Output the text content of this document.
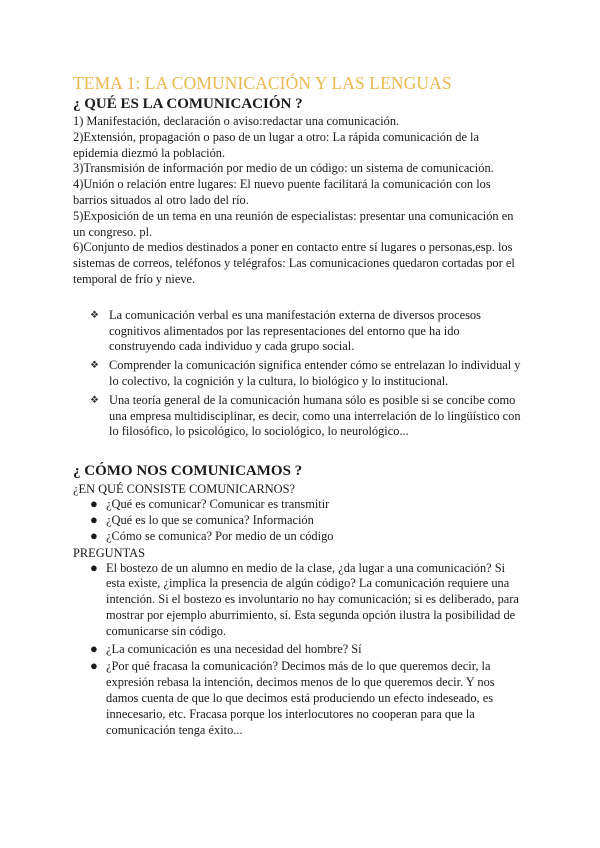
TEMA 1: LA COMUNICACIÓN Y LAS LENGUAS
¿ QUÉ ES LA COMUNICACIÓN ?

1) Manifestación, declaración o aviso:redactar una comunicación.

2)Extensión, propagación o paso de un lugar a otro: La rápida comunicación de la epidemia diezmó la población.

3)Transmisión de información por medio de un código: un sistema de comunicación.

4)Unión o relación entre lugares: El nuevo puente facilitará la comunicación con los barrios situados al otro lado del río.

5)Exposición de un tema en una reunión de especialistas: presentar una comunicación en un congreso. pl.

6)Conjunto de medios destinados a poner en contacto entre sí lugares o personas,esp. los sistemas de correos, teléfonos y telégrafos: Las comunicaciones quedaron cortadas por el temporal de frío y nieve.

❖ La comunicación verbal es una manifestación externa de diversos procesos cognitivos alimentados por las representaciones del entorno que ha ido construyendo cada individuo y cada grupo social.
❖ Comprender la comunicación significa entender cómo se entrelazan lo individual y lo colectivo, la cognición y la cultura, lo biológico y lo institucional.
❖ Una teoría general de la comunicación humana sólo es posible si se concibe como una empresa multidisciplinar, es decir, como una interrelación de lo lingüístico con lo filosófico, lo psicológico, lo sociológico, lo neurológico...
¿ CÓMO NOS COMUNICAMOS ?

¿EN QUÉ CONSISTE COMUNICARNOS?

● ¿Qué es comunicar? Comunicar es transmitir
● ¿Qué es lo que se comunica? Información
● ¿Cómo se comunica? Por medio de un código

PREGUNTAS

● El bostezo de un alumno en medio de la clase, ¿da lugar a una comunicación? Si esta existe, ¿implica la presencia de algún código? La comunicación requiere una intención. Si el bostezo es involuntario no hay comunicación; si es deliberado, para mostrar por ejemplo aburrimiento, sí. Esta segunda opción ilustra la posibilidad de comunicarse sin código.
● ¿La comunicación es una necesidad del hombre? Sí
● ¿Por qué fracasa la comunicación? Decimos más de lo que queremos decir, la expresión rebasa la intención, decimos menos de lo que queremos decir. Y nos damos cuenta de que lo que decimos está produciendo un efecto indeseado, es innecesario, etc. Fracasa porque los interlocutores no cooperan para que la comunicación tenga éxito...
